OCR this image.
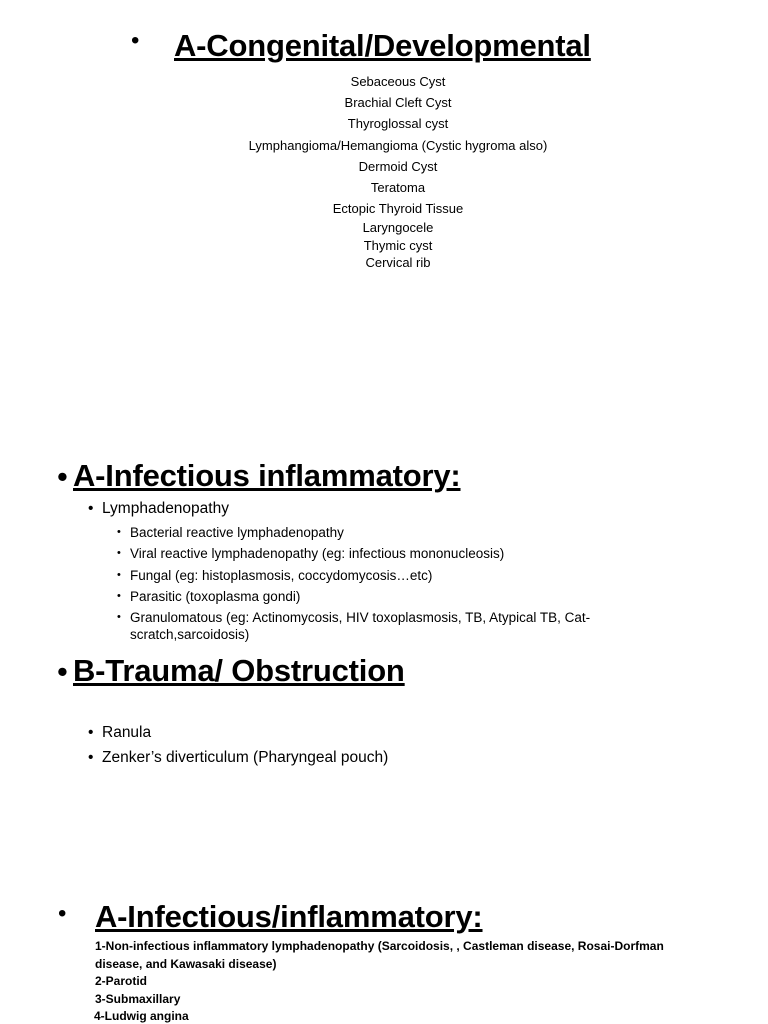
• A-Congenital/Developmental
Sebaceous Cyst
Brachial Cleft Cyst
Thyroglossal cyst
Lymphangioma/Hemangioma (Cystic hygroma also)
Dermoid Cyst
Teratoma
Ectopic Thyroid Tissue
Laryngocele
Thymic cyst
Cervical rib
• A-Infectious inflammatory:
• Lymphadenopathy
• Bacterial reactive lymphadenopathy
• Viral reactive lymphadenopathy (eg: infectious mononucleosis)
• Fungal (eg: histoplasmosis, coccydomycosis…etc)
• Parasitic (toxoplasma gondi)
• Granulomatous (eg: Actinomycosis, HIV toxoplasmosis, TB, Atypical TB, Cat-scratch,sarcoidosis)
• B-Trauma/ Obstruction
• Ranula
• Zenker’s diverticulum (Pharyngeal pouch)
• A-Infectious/inflammatory:
1-Non-infectious inflammatory lymphadenopathy (Sarcoidosis, , Castleman disease, Rosai-Dorfman disease, and Kawasaki disease)
2-Parotid
3-Submaxillary
4-Ludwig angina
